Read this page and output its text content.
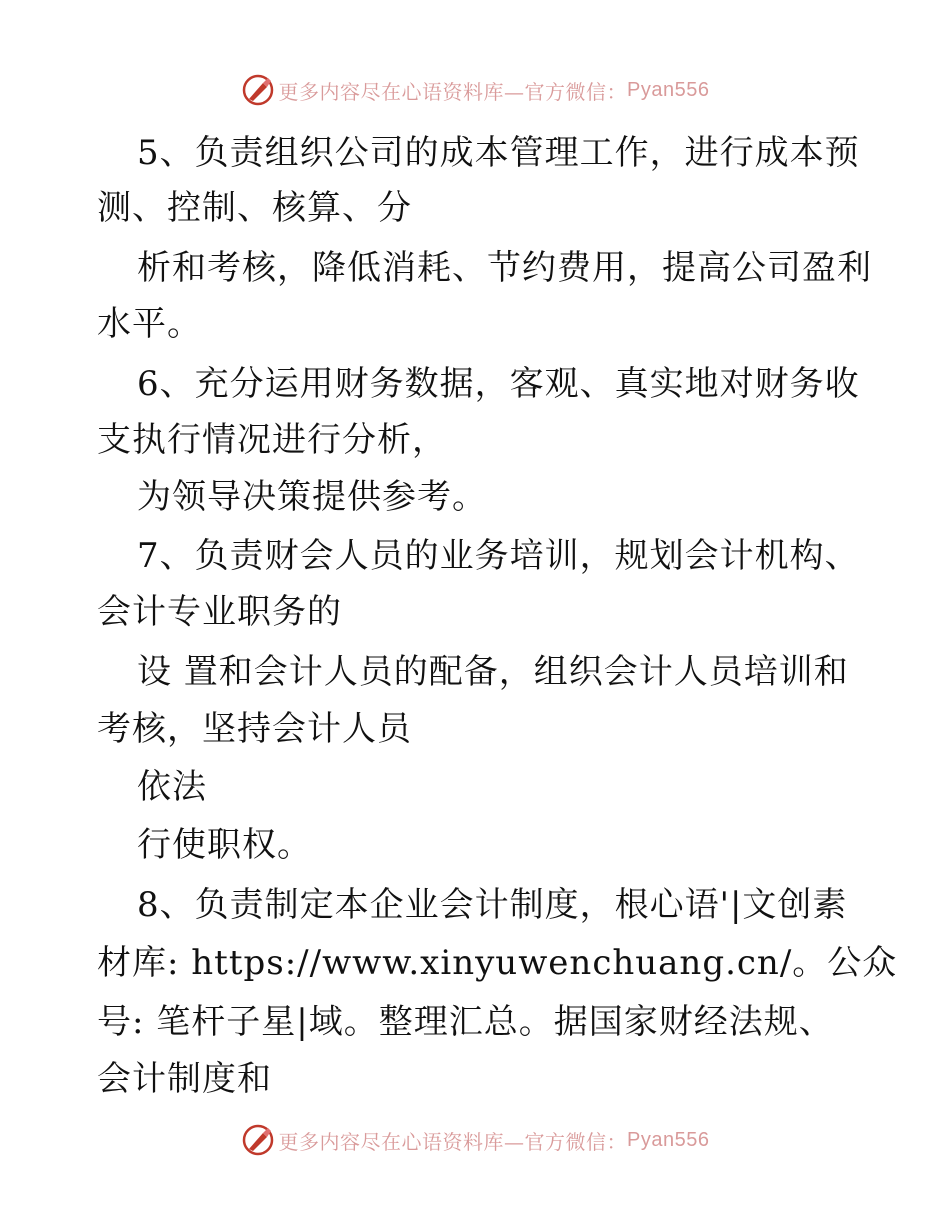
更多内容尽在心语资料库—官方微信： Pyan556
5、负责组织公司的成本管理工作，进行成本预
测、控制、核算、分
析和考核，降低消耗、节约费用，提高公司盈利
水平。
6、充分运用财务数据，客观、真实地对财务收
支执行情况进行分析，
为领导决策提供参考。
7、负责财会人员的业务培训，规划会计机构、
会计专业职务的
设 置和会计人员的配备，组织会计人员培训和
考核，坚持会计人员
依法
行使职权。
8、负责制定本企业会计制度，根心语'|文创素
材库: https://www.xinyuwenchuang.cn/。公众
号: 笔杆子星|域。整理汇总。据国家财经法规、
会计制度和
更多内容尽在心语资料库—官方微信： Pyan556
